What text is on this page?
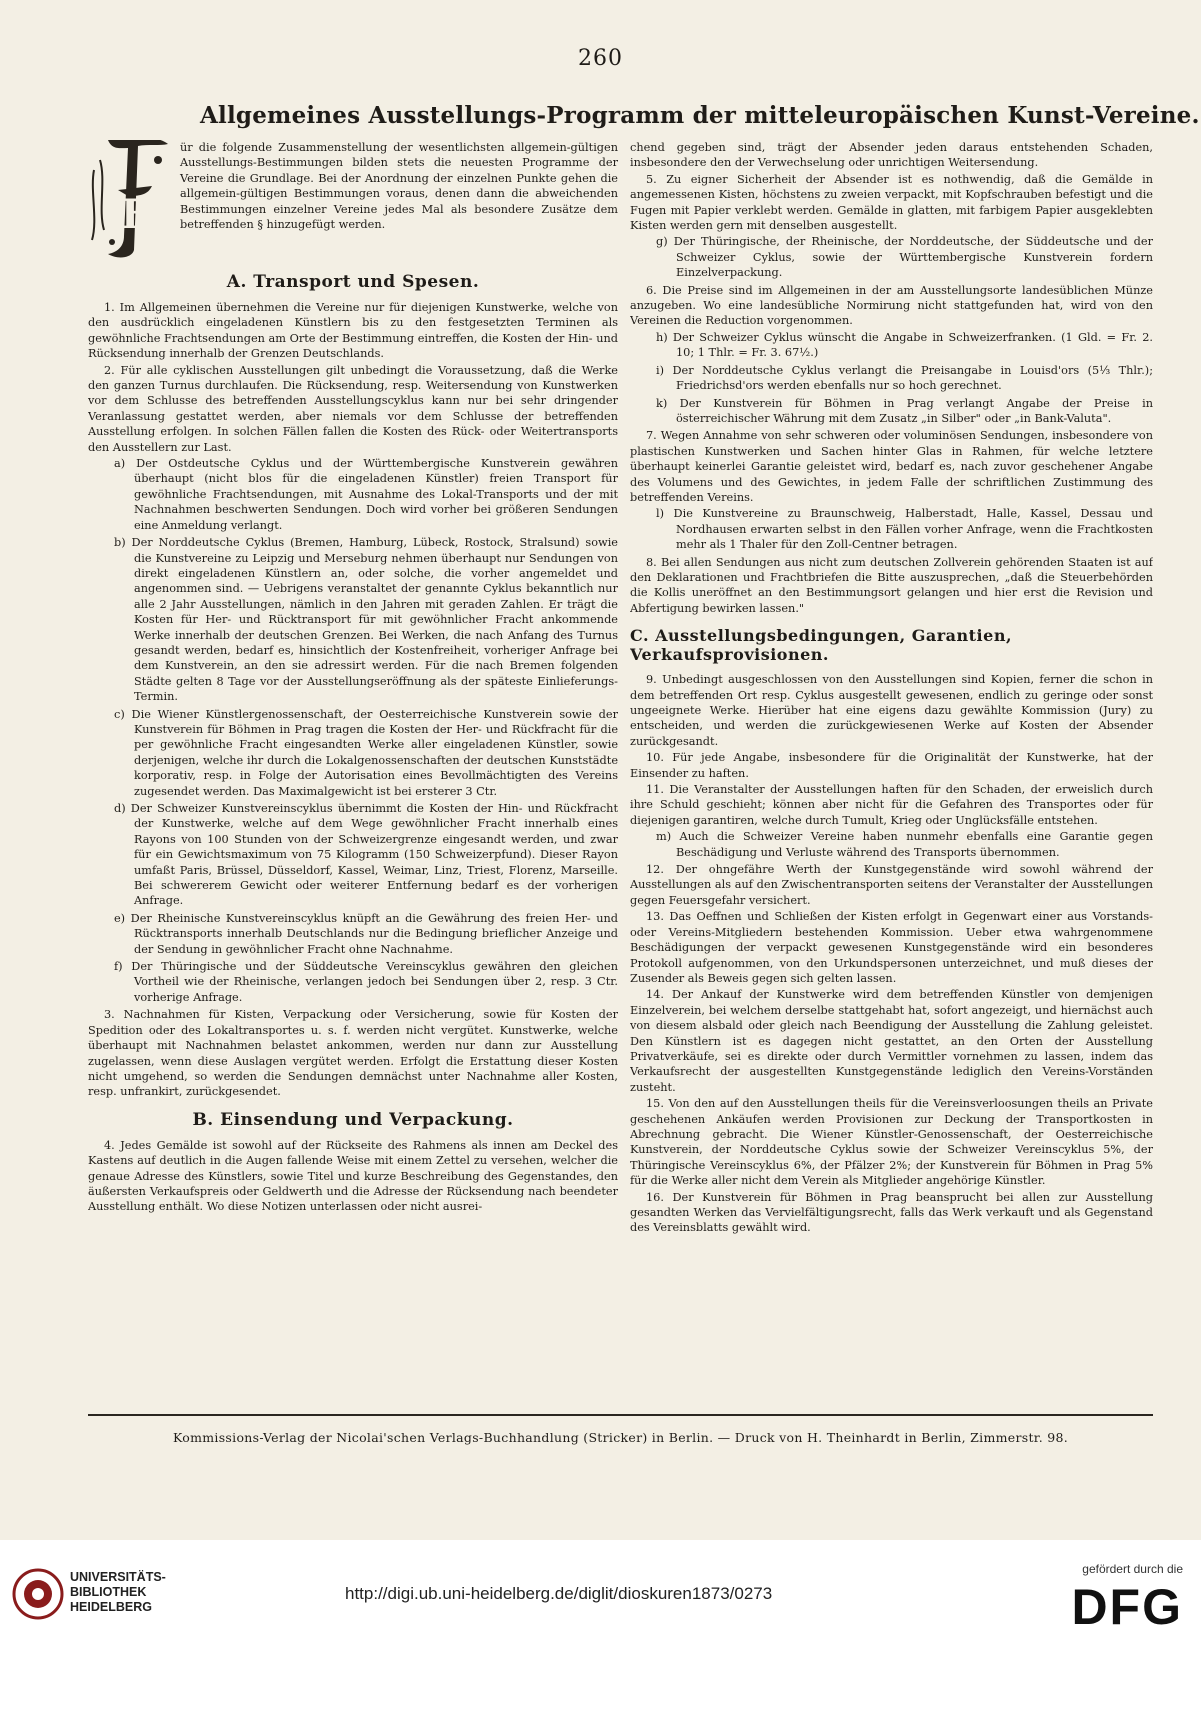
260
Allgemeines Ausstellungs-Programm der mitteleuropäischen Kunst-Vereine.
F

ür die folgende Zusammenstellung der wesentlichsten allgemein-gültigen Ausstellungs-Bestimmungen bilden stets die neuesten Programme der Vereine die Grundlage. Bei der Anordnung der einzelnen Punkte gehen die allgemein-gültigen Bestimmungen voraus, denen dann die abweichenden Bestimmungen einzelner Vereine jedes Mal als besondere Zusätze dem betreffenden § hinzugefügt werden.

A. Transport und Spesen.

1. Im Allgemeinen übernehmen die Vereine nur für diejenigen Kunstwerke, welche von den ausdrücklich eingeladenen Künstlern bis zu den festgesetzten Terminen als gewöhnliche Frachtsendungen am Orte der Bestimmung eintreffen, die Kosten der Hin- und Rücksendung innerhalb der Grenzen Deutschlands.

2. Für alle cyklischen Ausstellungen gilt unbedingt die Voraussetzung, daß die Werke den ganzen Turnus durchlaufen. Die Rücksendung, resp. Weitersendung von Kunstwerken vor dem Schlusse des betreffenden Ausstellungscyklus kann nur bei sehr dringender Veranlassung gestattet werden, aber niemals vor dem Schlusse der betreffenden Ausstellung erfolgen. In solchen Fällen fallen die Kosten des Rück- oder Weitertransports den Ausstellern zur Last.

a) Der Ostdeutsche Cyklus und der Württembergische Kunstverein gewähren überhaupt (nicht blos für die eingeladenen Künstler) freien Transport für gewöhnliche Frachtsendungen, mit Ausnahme des Lokal-Transports und der mit Nachnahmen beschwerten Sendungen. Doch wird vorher bei größeren Sendungen eine Anmeldung verlangt.

b) Der Norddeutsche Cyklus (Bremen, Hamburg, Lübeck, Rostock, Stralsund) sowie die Kunstvereine zu Leipzig und Merseburg nehmen überhaupt nur Sendungen von direkt eingeladenen Künstlern an, oder solche, die vorher angemeldet und angenommen sind. — Uebrigens veranstaltet der genannte Cyklus bekanntlich nur alle 2 Jahr Ausstellungen, nämlich in den Jahren mit geraden Zahlen. Er trägt die Kosten für Her- und Rücktransport für mit gewöhnlicher Fracht ankommende Werke innerhalb der deutschen Grenzen. Bei Werken, die nach Anfang des Turnus gesandt werden, bedarf es, hinsichtlich der Kostenfreiheit, vorheriger Anfrage bei dem Kunstverein, an den sie adressirt werden. Für die nach Bremen folgenden Städte gelten 8 Tage vor der Ausstellungseröffnung als der späteste Einlieferungs-Termin.

c) Die Wiener Künstlergenossenschaft, der Oesterreichische Kunstverein sowie der Kunstverein für Böhmen in Prag tragen die Kosten der Her- und Rückfracht für die per gewöhnliche Fracht eingesandten Werke aller eingeladenen Künstler, sowie derjenigen, welche ihr durch die Lokalgenossenschaften der deutschen Kunststädte korporativ, resp. in Folge der Autorisation eines Bevollmächtigten des Vereins zugesendet werden. Das Maximalgewicht ist bei ersterer 3 Ctr.

d) Der Schweizer Kunstvereinscyklus übernimmt die Kosten der Hin- und Rückfracht der Kunstwerke, welche auf dem Wege gewöhnlicher Fracht innerhalb eines Rayons von 100 Stunden von der Schweizergrenze eingesandt werden, und zwar für ein Gewichtsmaximum von 75 Kilogramm (150 Schweizerpfund). Dieser Rayon umfaßt Paris, Brüssel, Düsseldorf, Kassel, Weimar, Linz, Triest, Florenz, Marseille. Bei schwererem Gewicht oder weiterer Entfernung bedarf es der vorherigen Anfrage.

e) Der Rheinische Kunstvereinscyklus knüpft an die Gewährung des freien Her- und Rücktransports innerhalb Deutschlands nur die Bedingung brieflicher Anzeige und der Sendung in gewöhnlicher Fracht ohne Nachnahme.

f) Der Thüringische und der Süddeutsche Vereinscyklus gewähren den gleichen Vortheil wie der Rheinische, verlangen jedoch bei Sendungen über 2, resp. 3 Ctr. vorherige Anfrage.

3. Nachnahmen für Kisten, Verpackung oder Versicherung, sowie für Kosten der Spedition oder des Lokaltransportes u. s. f. werden nicht vergütet. Kunstwerke, welche überhaupt mit Nachnahmen belastet ankommen, werden nur dann zur Ausstellung zugelassen, wenn diese Auslagen vergütet werden. Erfolgt die Erstattung dieser Kosten nicht umgehend, so werden die Sendungen demnächst unter Nachnahme aller Kosten, resp. unfrankirt, zurückgesendet.

B. Einsendung und Verpackung.

4. Jedes Gemälde ist sowohl auf der Rückseite des Rahmens als innen am Deckel des Kastens auf deutlich in die Augen fallende Weise mit einem Zettel zu versehen, welcher die genaue Adresse des Künstlers, sowie Titel und kurze Beschreibung des Gegenstandes, den äußersten Verkaufspreis oder Geldwerth und die Adresse der Rücksendung nach beendeter Ausstellung enthält. Wo diese Notizen unterlassen oder nicht ausrei-

chend gegeben sind, trägt der Absender jeden daraus entstehenden Schaden, insbesondere den der Verwechselung oder unrichtigen Weitersendung.

5. Zu eigner Sicherheit der Absender ist es nothwendig, daß die Gemälde in angemessenen Kisten, höchstens zu zweien verpackt, mit Kopfschrauben befestigt und die Fugen mit Papier verklebt werden. Gemälde in glatten, mit farbigem Papier ausgeklebten Kisten werden gern mit denselben ausgestellt.

g) Der Thüringische, der Rheinische, der Norddeutsche, der Süddeutsche und der Schweizer Cyklus, sowie der Württembergische Kunstverein fordern Einzelverpackung.

6. Die Preise sind im Allgemeinen in der am Ausstellungsorte landesüblichen Münze anzugeben. Wo eine landesübliche Normirung nicht stattgefunden hat, wird von den Vereinen die Reduction vorgenommen.

h) Der Schweizer Cyklus wünscht die Angabe in Schweizerfranken. (1 Gld. = Fr. 2. 10; 1 Thlr. = Fr. 3. 67½.)

i) Der Norddeutsche Cyklus verlangt die Preisangabe in Louisd'ors (5⅓ Thlr.); Friedrichsd'ors werden ebenfalls nur so hoch gerechnet.

k) Der Kunstverein für Böhmen in Prag verlangt Angabe der Preise in österreichischer Währung mit dem Zusatz „in Silber" oder „in Bank-Valuta".

7. Wegen Annahme von sehr schweren oder voluminösen Sendungen, insbesondere von plastischen Kunstwerken und Sachen hinter Glas in Rahmen, für welche letztere überhaupt keinerlei Garantie geleistet wird, bedarf es, nach zuvor geschehener Angabe des Volumens und des Gewichtes, in jedem Falle der schriftlichen Zustimmung des betreffenden Vereins.

l) Die Kunstvereine zu Braunschweig, Halberstadt, Halle, Kassel, Dessau und Nordhausen erwarten selbst in den Fällen vorher Anfrage, wenn die Frachtkosten mehr als 1 Thaler für den Zoll-Centner betragen.

8. Bei allen Sendungen aus nicht zum deutschen Zollverein gehörenden Staaten ist auf den Deklarationen und Frachtbriefen die Bitte auszusprechen, „daß die Steuerbehörden die Kollis uneröffnet an den Bestimmungsort gelangen und hier erst die Revision und Abfertigung bewirken lassen."

C. Ausstellungsbedingungen, Garantien, Verkaufsprovisionen.

9. Unbedingt ausgeschlossen von den Ausstellungen sind Kopien, ferner die schon in dem betreffenden Ort resp. Cyklus ausgestellt gewesenen, endlich zu geringe oder sonst ungeeignete Werke. Hierüber hat eine eigens dazu gewählte Kommission (Jury) zu entscheiden, und werden die zurückgewiesenen Werke auf Kosten der Absender zurückgesandt.

10. Für jede Angabe, insbesondere für die Originalität der Kunstwerke, hat der Einsender zu haften.

11. Die Veranstalter der Ausstellungen haften für den Schaden, der erweislich durch ihre Schuld geschieht; können aber nicht für die Gefahren des Transportes oder für diejenigen garantiren, welche durch Tumult, Krieg oder Unglücksfälle entstehen.

m) Auch die Schweizer Vereine haben nunmehr ebenfalls eine Garantie gegen Beschädigung und Verluste während des Transports übernommen.

12. Der ohngefähre Werth der Kunstgegenstände wird sowohl während der Ausstellungen als auf den Zwischentransporten seitens der Veranstalter der Ausstellungen gegen Feuersgefahr versichert.

13. Das Oeffnen und Schließen der Kisten erfolgt in Gegenwart einer aus Vorstands- oder Vereins-Mitgliedern bestehenden Kommission. Ueber etwa wahrgenommene Beschädigungen der verpackt gewesenen Kunstgegenstände wird ein besonderes Protokoll aufgenommen, von den Urkundspersonen unterzeichnet, und muß dieses der Zusender als Beweis gegen sich gelten lassen.

14. Der Ankauf der Kunstwerke wird dem betreffenden Künstler von demjenigen Einzelverein, bei welchem derselbe stattgehabt hat, sofort angezeigt, und hiernächst auch von diesem alsbald oder gleich nach Beendigung der Ausstellung die Zahlung geleistet. Den Künstlern ist es dagegen nicht gestattet, an den Orten der Ausstellung Privatverkäufe, sei es direkte oder durch Vermittler vornehmen zu lassen, indem das Verkaufsrecht der ausgestellten Kunstgegenstände lediglich den Vereins-Vorständen zusteht.

15. Von den auf den Ausstellungen theils für die Vereinsverloosungen theils an Private geschehenen Ankäufen werden Provisionen zur Deckung der Transportkosten in Abrechnung gebracht. Die Wiener Künstler-Genossenschaft, der Oesterreichische Kunstverein, der Norddeutsche Cyklus sowie der Schweizer Vereinscyklus 5%, der Thüringische Vereinscyklus 6%, der Pfälzer 2%; der Kunstverein für Böhmen in Prag 5% für die Werke aller nicht dem Verein als Mitglieder angehörige Künstler.

16. Der Kunstverein für Böhmen in Prag beansprucht bei allen zur Ausstellung gesandten Werken das Vervielfältigungsrecht, falls das Werk verkauft und als Gegenstand des Vereinsblatts gewählt wird.

Kommissions-Verlag der Nicolai'schen Verlags-Buchhandlung (Stricker) in Berlin. — Druck von H. Theinhardt in Berlin, Zimmerstr. 98.
UNIVERSITÄTS-
BIBLIOTHEK
HEIDELBERG
http://digi.ub.uni-heidelberg.de/diglit/dioskuren1873/0273
gefördert durch die
DFG
